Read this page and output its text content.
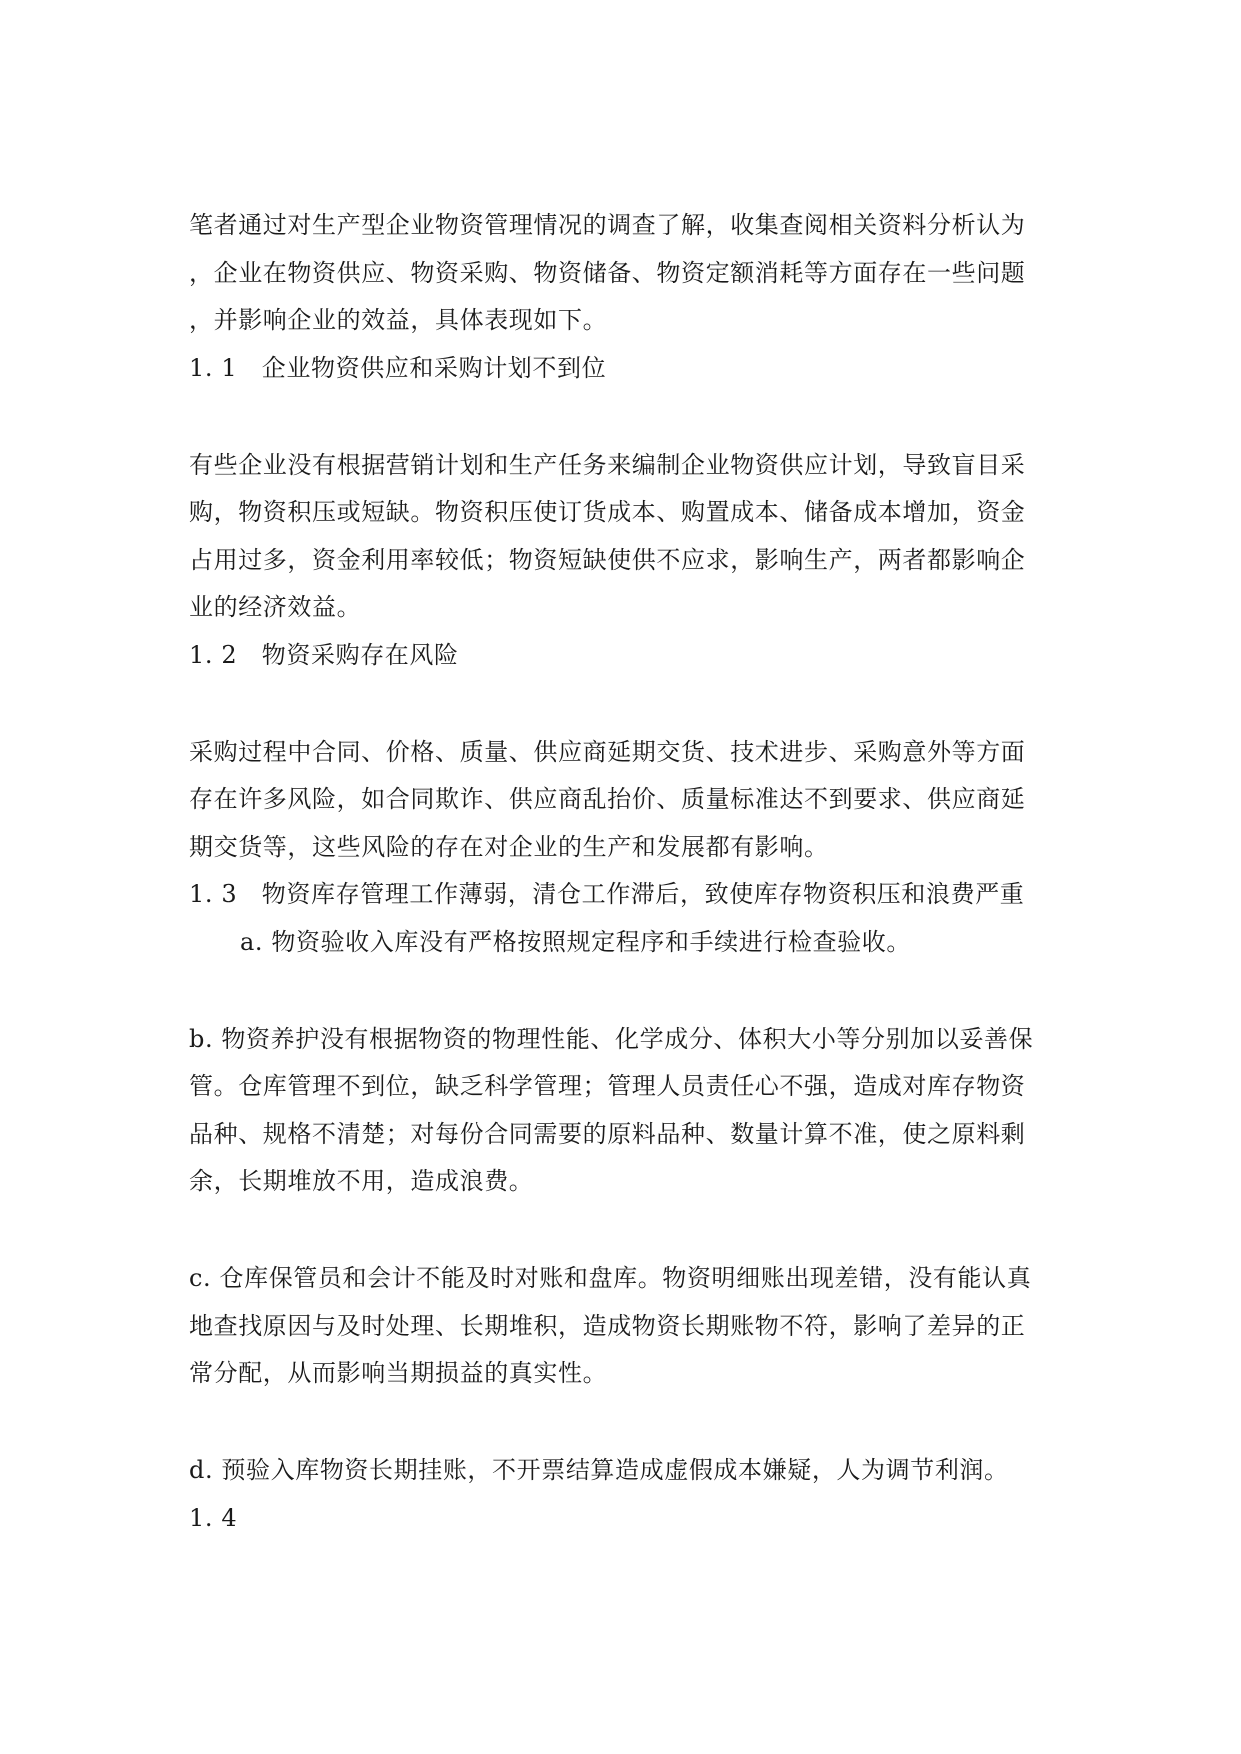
笔者通过对生产型企业物资管理情况的调查了解，收集查阅相关资料分析认为
，企业在物资供应、物资采购、物资储备、物资定额消耗等方面存在一些问题
，并影响企业的效益，具体表现如下。
1. 1　企业物资供应和采购计划不到位
有些企业没有根据营销计划和生产任务来编制企业物资供应计划，导致盲目采
购，物资积压或短缺。物资积压使订货成本、购置成本、储备成本增加，资金
占用过多，资金利用率较低；物资短缺使供不应求，影响生产，两者都影响企
业的经济效益。
1. 2　物资采购存在风险
采购过程中合同、价格、质量、供应商延期交货、技术进步、采购意外等方面
存在许多风险，如合同欺诈、供应商乱抬价、质量标准达不到要求、供应商延
期交货等，这些风险的存在对企业的生产和发展都有影响。
1. 3　物资库存管理工作薄弱，清仓工作滞后，致使库存物资积压和浪费严重
a. 物资验收入库没有严格按照规定程序和手续进行检查验收。
b. 物资养护没有根据物资的物理性能、化学成分、体积大小等分别加以妥善保
管。仓库管理不到位，缺乏科学管理；管理人员责任心不强，造成对库存物资
品种、规格不清楚；对每份合同需要的原料品种、数量计算不准，使之原料剩
余，长期堆放不用，造成浪费。
c. 仓库保管员和会计不能及时对账和盘库。物资明细账出现差错，没有能认真
地查找原因与及时处理、长期堆积，造成物资长期账物不符，影响了差异的正
常分配，从而影响当期损益的真实性。
d. 预验入库物资长期挂账，不开票结算造成虚假成本嫌疑，人为调节利润。
1. 4
